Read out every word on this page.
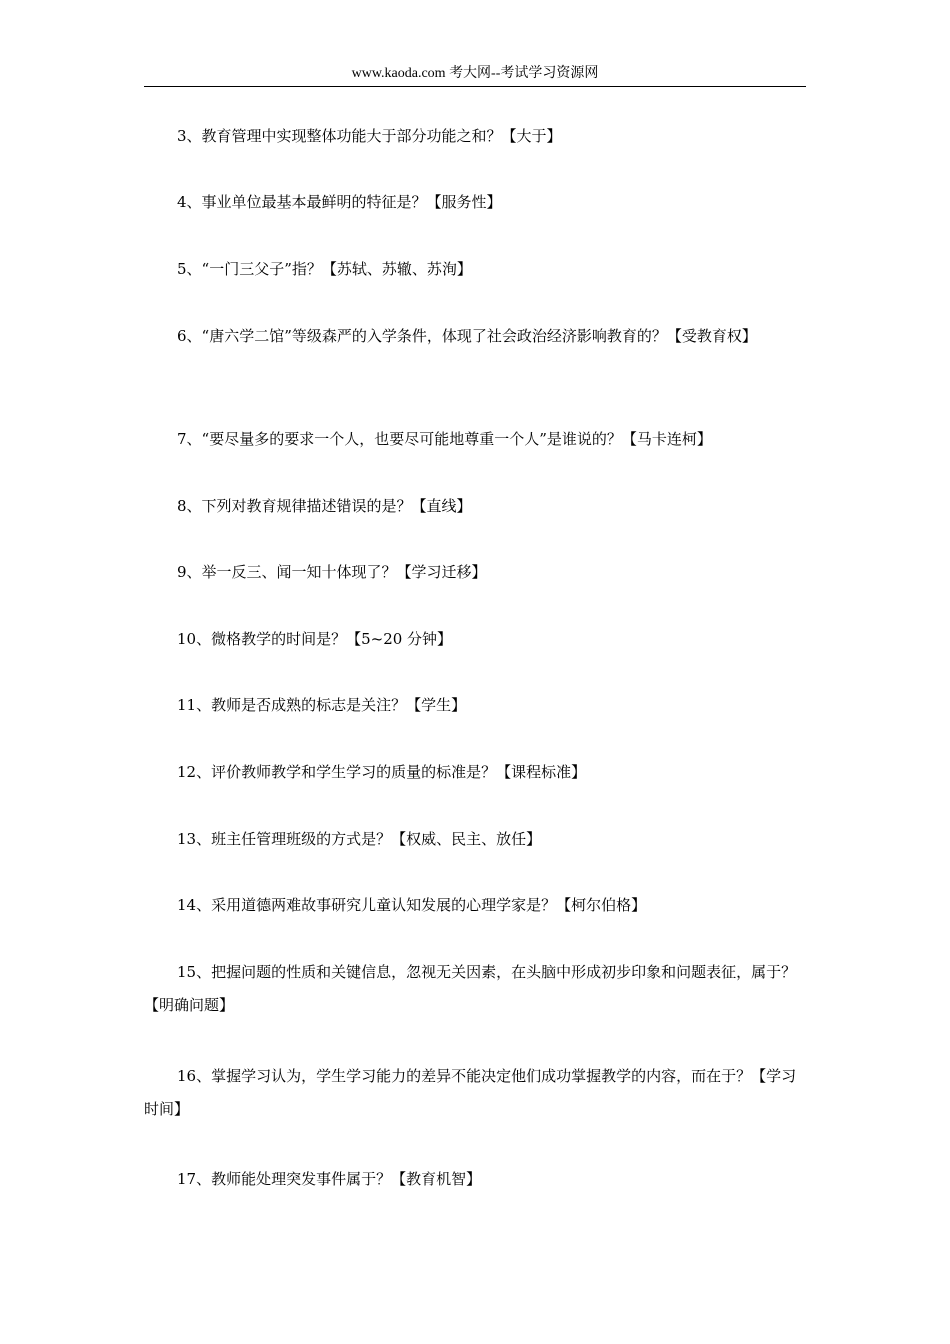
www.kaoda.com 考大网--考试学习资源网

3、教育管理中实现整体功能大于部分功能之和？【大于】

4、事业单位最基本最鲜明的特征是？【服务性】

5、“一门三父子”指？【苏轼、苏辙、苏洵】

6、“唐六学二馆”等级森严的入学条件，体现了社会政治经济影响教育的？【受教育权】

7、“要尽量多的要求一个人，也要尽可能地尊重一个人”是谁说的？【马卡连柯】

8、下列对教育规律描述错误的是？【直线】

9、举一反三、闻一知十体现了？【学习迁移】

10、微格教学的时间是？【5~20 分钟】

11、教师是否成熟的标志是关注？【学生】

12、评价教师教学和学生学习的质量的标准是？【课程标准】

13、班主任管理班级的方式是？【权威、民主、放任】

14、采用道德两难故事研究儿童认知发展的心理学家是？【柯尔伯格】

15、把握问题的性质和关键信息，忽视无关因素，在头脑中形成初步印象和问题表征，属于？【明确问题】

16、掌握学习认为，学生学习能力的差异不能决定他们成功掌握教学的内容，而在于？【学习时间】

17、教师能处理突发事件属于？【教育机智】
